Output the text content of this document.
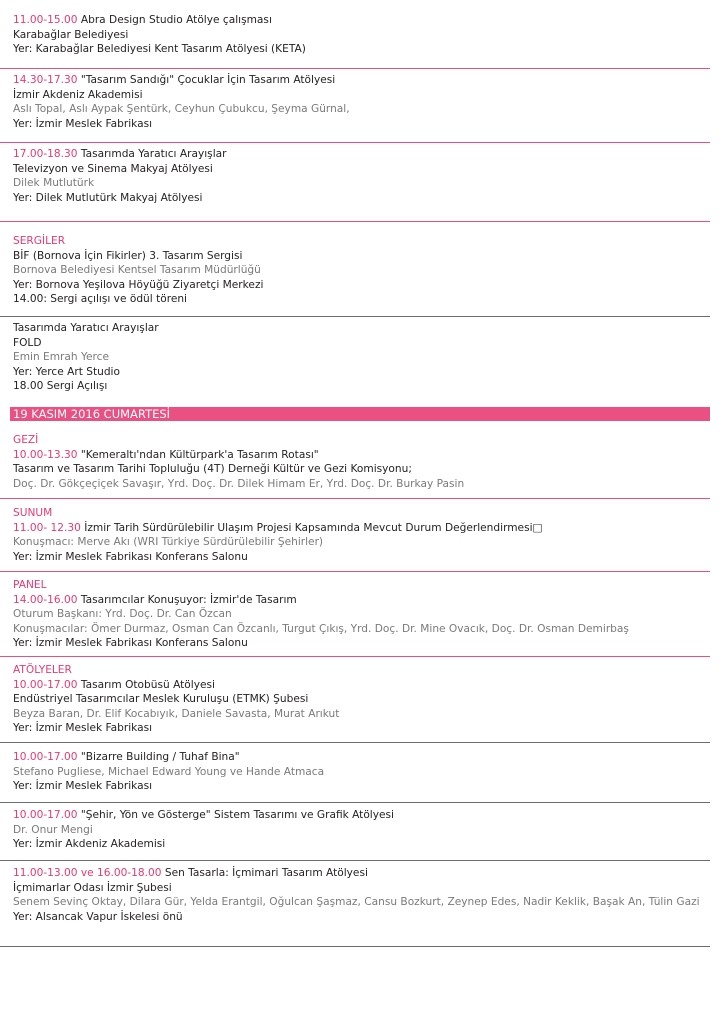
19 KASIM 2016 CUMARTESİ
11.00-15.00 Abra Design Studio Atölye çalışması
Karabağlar Belediyesi
Yer: Karabağlar Belediyesi Kent Tasarım Atölyesi (KETA)
14.30-17.30 "Tasarım Sandığı" Çocuklar İçin Tasarım Atölyesi
İzmir Akdeniz Akademisi
Aslı Topal, Aslı Aypak Şentürk, Ceyhun Çubukcu, Şeyma Gürnal,
Yer: İzmir Meslek Fabrikası
17.00-18.30 Tasarımda Yaratıcı Arayışlar
Televizyon ve Sinema Makyaj Atölyesi
Dilek Mutlutürk
Yer: Dilek Mutlutürk Makyaj Atölyesi
SERGİLER
BİF (Bornova İçin Fikirler) 3. Tasarım Sergisi
Bornova Belediyesi Kentsel Tasarım Müdürlüğü
Yer: Bornova Yeşilova Höyüğü Ziyaretçi Merkezi
14.00: Sergi açılışı ve ödül töreni
Tasarımda Yaratıcı Arayışlar
FOLD
Emin Emrah Yerce
Yer: Yerce Art Studio
18.00 Sergi Açılışı
GEZİ
10.00-13.30 "Kemeraltı'ndan Kültürpark'a Tasarım Rotası"
Tasarım ve Tasarım Tarihi Topluluğu (4T) Derneği Kültür ve Gezi Komisyonu;
Doç. Dr. Gökçeçiçek Savaşır, Yrd. Doç. Dr. Dilek Himam Er, Yrd. Doç. Dr. Burkay Pasin
SUNUM
11.00- 12.30 İzmir Tarih Sürdürülebilir Ulaşım Projesi Kapsamında Mevcut Durum Değerlendirmesi□
Konuşmacı: Merve Akı (WRI Türkiye Sürdürülebilir Şehirler)
Yer: İzmir Meslek Fabrikası Konferans Salonu
PANEL
14.00-16.00 Tasarımcılar Konuşuyor: İzmir'de Tasarım
Oturum Başkanı: Yrd. Doç. Dr. Can Özcan
Konuşmacılar: Ömer Durmaz, Osman Can Özcanlı, Turgut Çıkış, Yrd. Doç. Dr. Mine Ovacık, Doç. Dr. Osman Demirbaş
Yer: İzmir Meslek Fabrikası Konferans Salonu
ATÖLYELER
10.00-17.00 Tasarım Otobüsü Atölyesi
Endüstriyel Tasarımcılar Meslek Kuruluşu (ETMK) Şubesi
Beyza Baran, Dr. Elif Kocabıyık, Daniele Savasta, Murat Arıkut
Yer: İzmir Meslek Fabrikası
10.00-17.00 "Bizarre Building / Tuhaf Bina"
Stefano Pugliese, Michael Edward Young ve Hande Atmaca
Yer: İzmir Meslek Fabrikası
10.00-17.00 "Şehir, Yön ve Gösterge" Sistem Tasarımı ve Grafik Atölyesi
Dr. Onur Mengi
Yer: İzmir Akdeniz Akademisi
11.00-13.00 ve 16.00-18.00 Sen Tasarla: İçmimari Tasarım Atölyesi
İçmimarlar Odası İzmir Şubesi
Senem Sevinç Oktay, Dilara Gür, Yelda Erantgil, Oğulcan Şaşmaz, Cansu Bozkurt, Zeynep Edes, Nadir Keklik, Başak An, Tülin Gazi
Yer: Alsancak Vapur İskelesi önü
